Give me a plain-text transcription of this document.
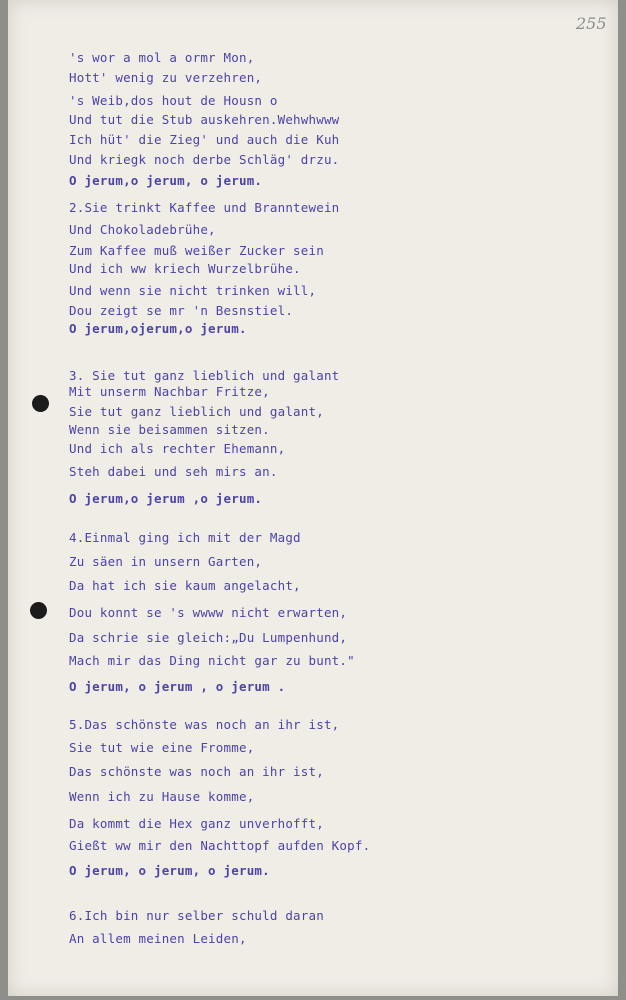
255
's wor a mol a ormr Mon,
Hott' wenig zu verzehren,
's Weib,dos hout de Housn o
Und tut die Stub auskehren.Wehwhwww
Ich hüt' die Zieg' und auch die Kuh
Und kriegk noch derbe Schläg' drzu.
O jerum,o jerum, o jerum.
2.Sie trinkt Kaffee und Branntewein
Und Chokoladebrühe,
Zum Kaffee muß weißer Zucker sein
Und ich ww kriech Wurzelbrühe.
Und wenn sie nicht trinken will,
Dou zeigt se mr 'n Besnstiel.
O jerum,ojerum,o jerum.
3. Sie tut ganz lieblich und galant
Mit unserm Nachbar Fritze,
Sie tut ganz lieblich und galant,
Wenn sie beisammen sitzen.
Und ich als rechter Ehemann,
Steh dabei und seh mirs an.
O jerum,o jerum ,o jerum.
4.Einmal ging ich mit der Magd
Zu säen in unsern Garten,
Da hat ich sie kaum angelacht,
Dou konnt se 's wwww nicht erwarten,
Da schrie sie gleich:„Du Lumpenhund,
Mach mir das Ding nicht gar zu bunt."
O jerum, o jerum , o jerum .
5.Das schönste was noch an ihr ist,
Sie tut wie eine Fromme,
Das schönste was noch an ihr ist,
Wenn ich zu Hause komme,
Da kommt die Hex ganz unverhofft,
Gießt ww mir den Nachttopf aufden Kopf.
O jerum, o jerum, o jerum.
6.Ich bin nur selber schuld daran
An allem meinen Leiden,
